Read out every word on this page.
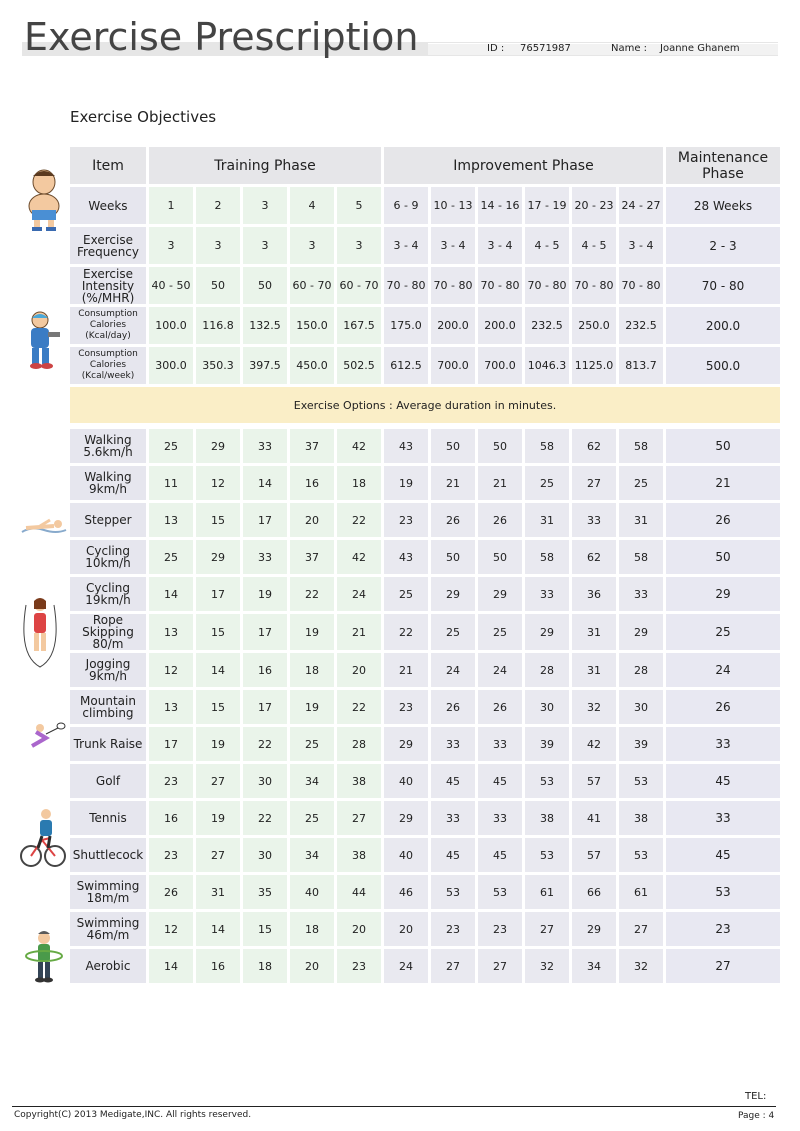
Exercise Prescription	ID : 76571987	Name : Joanne Ghanem
Exercise Objectives
Item	Training Phase					Improvement Phase						Maintenance Phase
Weeks	1	2	3	4	5	6 - 9	10 - 13	14 - 16	17 - 19	20 - 23	24 - 27	28 Weeks
Exercise Frequency	3	3	3	3	3	3 - 4	3 - 4	3 - 4	4 - 5	4 - 5	3 - 4	2 - 3
Exercise Intensity (%/MHR)	40 - 50	50	50	60 - 70	60 - 70	70 - 80	70 - 80	70 - 80	70 - 80	70 - 80	70 - 80	70 - 80
Consumption Calories (Kcal/day)	100.0	116.8	132.5	150.0	167.5	175.0	200.0	200.0	232.5	250.0	232.5	200.0
Consumption Calories (Kcal/week)	300.0	350.3	397.5	450.0	502.5	612.5	700.0	700.0	1046.3	1125.0	813.7	500.0
Exercise Options : Average duration in minutes.												

Walking 5.6km/h	25	29	33	37	42	43	50	50	58	62	58	50
Walking 9km/h	11	12	14	16	18	19	21	21	25	27	25	21
Stepper	13	15	17	20	22	23	26	26	31	33	31	26
Cycling 10km/h	25	29	33	37	42	43	50	50	58	62	58	50
Cycling 19km/h	14	17	19	22	24	25	29	29	33	36	33	29
Rope Skipping 80/m	13	15	17	19	21	22	25	25	29	31	29	25
Jogging 9km/h	12	14	16	18	20	21	24	24	28	31	28	24
Mountain climbing	13	15	17	19	22	23	26	26	30	32	30	26
Trunk Raise	17	19	22	25	28	29	33	33	39	42	39	33
Golf	23	27	30	34	38	40	45	45	53	57	53	45
Tennis	16	19	22	25	27	29	33	33	38	41	38	33
Shuttlecock	23	27	30	34	38	40	45	45	53	57	53	45
Swimming 18m/m	26	31	35	40	44	46	53	53	61	66	61	53
Swimming 46m/m	12	14	15	18	20	20	23	23	27	29	27	23
Aerobic	14	16	18	20	23	24	27	27	32	34	32	27
TEL:
Copyright(C) 2013 Medigate,INC. All rights reserved.	Page : 4
